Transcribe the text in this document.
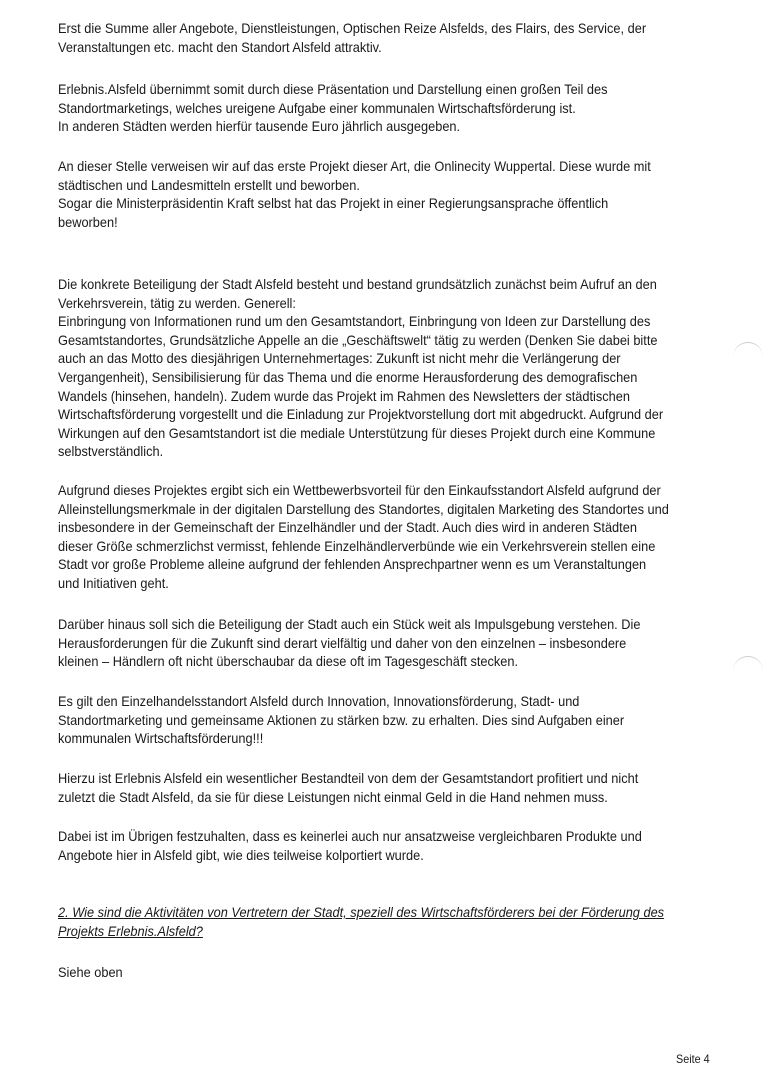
Erst die Summe aller Angebote, Dienstleistungen, Optischen Reize Alsfelds, des Flairs, des Service, der
Veranstaltungen etc. macht den Standort Alsfeld attraktiv.
Erlebnis.Alsfeld übernimmt somit durch diese Präsentation und Darstellung einen großen Teil des
Standortmarketings, welches ureigene Aufgabe einer kommunalen Wirtschaftsförderung ist.
In anderen Städten werden hierfür tausende Euro jährlich ausgegeben.
An dieser Stelle verweisen wir auf das erste Projekt dieser Art, die Onlinecity Wuppertal. Diese wurde mit
städtischen und Landesmitteln erstellt und beworben.
Sogar die Ministerpräsidentin Kraft selbst hat das Projekt in einer Regierungsansprache öffentlich
beworben!
Die konkrete Beteiligung der Stadt Alsfeld besteht und bestand grundsätzlich zunächst beim Aufruf an den
Verkehrsverein, tätig zu werden. Generell:
Einbringung von Informationen rund um den Gesamtstandort, Einbringung von Ideen zur Darstellung des
Gesamtstandortes, Grundsätzliche Appelle an die „Geschäftswelt“ tätig zu werden (Denken Sie dabei bitte
auch an das Motto des diesjährigen Unternehmertages: Zukunft ist nicht mehr die Verlängerung der
Vergangenheit), Sensibilisierung für das Thema und die enorme Herausforderung des demografischen
Wandels (hinsehen, handeln). Zudem wurde das Projekt im Rahmen des Newsletters der städtischen
Wirtschaftsförderung vorgestellt und die Einladung zur Projektvorstellung dort mit abgedruckt. Aufgrund der
Wirkungen auf den Gesamtstandort ist die mediale Unterstützung für dieses Projekt durch eine Kommune
selbstverständlich.
Aufgrund dieses Projektes ergibt sich ein Wettbewerbsvorteil für den Einkaufsstandort Alsfeld aufgrund der
Alleinstellungsmerkmale in der digitalen Darstellung des Standortes, digitalen Marketing des Standortes und
insbesondere in der Gemeinschaft der Einzelhändler und der Stadt. Auch dies wird in anderen Städten
dieser Größe schmerzlichst vermisst, fehlende Einzelhändlerverbünde wie ein Verkehrsverein stellen eine
Stadt vor große Probleme alleine aufgrund der fehlenden Ansprechpartner wenn es um Veranstaltungen
und Initiativen geht.
Darüber hinaus soll sich die Beteiligung der Stadt auch ein Stück weit als Impulsgebung verstehen. Die
Herausforderungen für die Zukunft sind derart vielfältig und daher von den einzelnen – insbesondere
kleinen – Händlern oft nicht überschaubar da diese oft im Tagesgeschäft stecken.
Es gilt den Einzelhandelsstandort Alsfeld durch Innovation, Innovationsförderung, Stadt- und
Standortmarketing und gemeinsame Aktionen zu stärken bzw. zu erhalten. Dies sind Aufgaben einer
kommunalen Wirtschaftsförderung!!!
Hierzu ist Erlebnis Alsfeld ein wesentlicher Bestandteil von dem der Gesamtstandort profitiert und nicht
zuletzt die Stadt Alsfeld, da sie für diese Leistungen nicht einmal Geld in die Hand nehmen muss.
Dabei ist im Übrigen festzuhalten, dass es keinerlei auch nur ansatzweise vergleichbaren Produkte und
Angebote hier in Alsfeld gibt, wie dies teilweise kolportiert wurde.
2. Wie sind die Aktivitäten von Vertretern der Stadt, speziell des Wirtschaftsförderers bei der Förderung des
Projekts Erlebnis.Alsfeld?
Siehe oben
Seite 4
